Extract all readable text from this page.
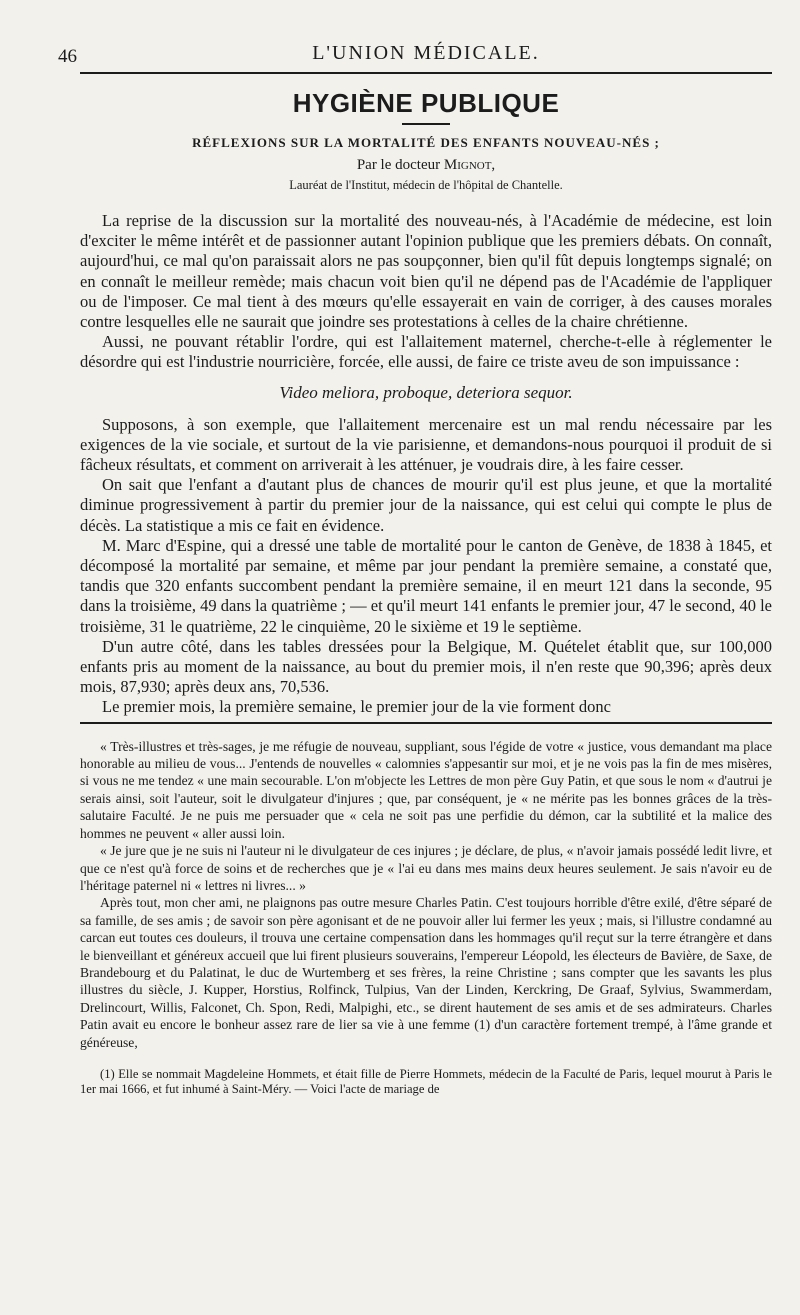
46	L'UNION MÉDICALE.
HYGIÈNE PUBLIQUE
RÉFLEXIONS SUR LA MORTALITÉ DES ENFANTS NOUVEAU-NÉS ;
Par le docteur Mignot,
Lauréat de l'Institut, médecin de l'hôpital de Chantelle.

La reprise de la discussion sur la mortalité des nouveau-nés, à l'Académie de médecine, est loin d'exciter le même intérêt et de passionner autant l'opinion publique que les premiers débats. On connaît, aujourd'hui, ce mal qu'on paraissait alors ne pas soupçonner, bien qu'il fût depuis longtemps signalé; on en connaît le meilleur remède; mais chacun voit bien qu'il ne dépend pas de l'Académie de l'appliquer ou de l'imposer. Ce mal tient à des mœurs qu'elle essayerait en vain de corriger, à des causes morales contre lesquelles elle ne saurait que joindre ses protestations à celles de la chaire chrétienne.

Aussi, ne pouvant rétablir l'ordre, qui est l'allaitement maternel, cherche-t-elle à réglementer le désordre qui est l'industrie nourricière, forcée, elle aussi, de faire ce triste aveu de son impuissance :

Video meliora, proboque, deteriora sequor.

Supposons, à son exemple, que l'allaitement mercenaire est un mal rendu nécessaire par les exigences de la vie sociale, et surtout de la vie parisienne, et demandons-nous pourquoi il produit de si fâcheux résultats, et comment on arriverait à les atténuer, je voudrais dire, à les faire cesser.

On sait que l'enfant a d'autant plus de chances de mourir qu'il est plus jeune, et que la mortalité diminue progressivement à partir du premier jour de la naissance, qui est celui qui compte le plus de décès. La statistique a mis ce fait en évidence.

M. Marc d'Espine, qui a dressé une table de mortalité pour le canton de Genève, de 1838 à 1845, et décomposé la mortalité par semaine, et même par jour pendant la première semaine, a constaté que, tandis que 320 enfants succombent pendant la première semaine, il en meurt 121 dans la seconde, 95 dans la troisième, 49 dans la quatrième ; — et qu'il meurt 141 enfants le premier jour, 47 le second, 40 le troisième, 31 le quatrième, 22 le cinquième, 20 le sixième et 19 le septième.

D'un autre côté, dans les tables dressées pour la Belgique, M. Quételet établit que, sur 100,000 enfants pris au moment de la naissance, au bout du premier mois, il n'en reste que 90,396; après deux mois, 87,930; après deux ans, 70,536.

Le premier mois, la première semaine, le premier jour de la vie forment donc

« Très-illustres et très-sages, je me réfugie de nouveau, suppliant, sous l'égide de votre « justice, vous demandant ma place honorable au milieu de vous... J'entends de nouvelles « calomnies s'appesantir sur moi, et je ne vois pas la fin de mes misères, si vous ne me tendez « une main secourable. L'on m'objecte les Lettres de mon père Guy Patin, et que sous le nom « d'autrui je serais ainsi, soit l'auteur, soit le divulgateur d'injures ; que, par conséquent, je « ne mérite pas les bonnes grâces de la très-salutaire Faculté. Je ne puis me persuader que « cela ne soit pas une perfidie du démon, car la subtilité et la malice des hommes ne peuvent « aller aussi loin.

« Je jure que je ne suis ni l'auteur ni le divulgateur de ces injures ; je déclare, de plus, « n'avoir jamais possédé ledit livre, et que ce n'est qu'à force de soins et de recherches que je « l'ai eu dans mes mains deux heures seulement. Je sais n'avoir eu de l'héritage paternel ni « lettres ni livres... »

Après tout, mon cher ami, ne plaignons pas outre mesure Charles Patin. C'est toujours horrible d'être exilé, d'être séparé de sa famille, de ses amis ; de savoir son père agonisant et de ne pouvoir aller lui fermer les yeux ; mais, si l'illustre condamné au carcan eut toutes ces douleurs, il trouva une certaine compensation dans les hommages qu'il reçut sur la terre étrangère et dans le bienveillant et généreux accueil que lui firent plusieurs souverains, l'empereur Léopold, les électeurs de Bavière, de Saxe, de Brandebourg et du Palatinat, le duc de Wurtemberg et ses frères, la reine Christine ; sans compter que les savants les plus illustres du siècle, J. Kupper, Horstius, Rolfinck, Tulpius, Van der Linden, Kerckring, De Graaf, Sylvius, Swammerdam, Drelincourt, Willis, Falconet, Ch. Spon, Redi, Malpighi, etc., se dirent hautement de ses amis et de ses admirateurs. Charles Patin avait eu encore le bonheur assez rare de lier sa vie à une femme (1) d'un caractère fortement trempé, à l'âme grande et généreuse,

(1) Elle se nommait Magdeleine Hommets, et était fille de Pierre Hommets, médecin de la Faculté de Paris, lequel mourut à Paris le 1er mai 1666, et fut inhumé à Saint-Méry. — Voici l'acte de mariage de
